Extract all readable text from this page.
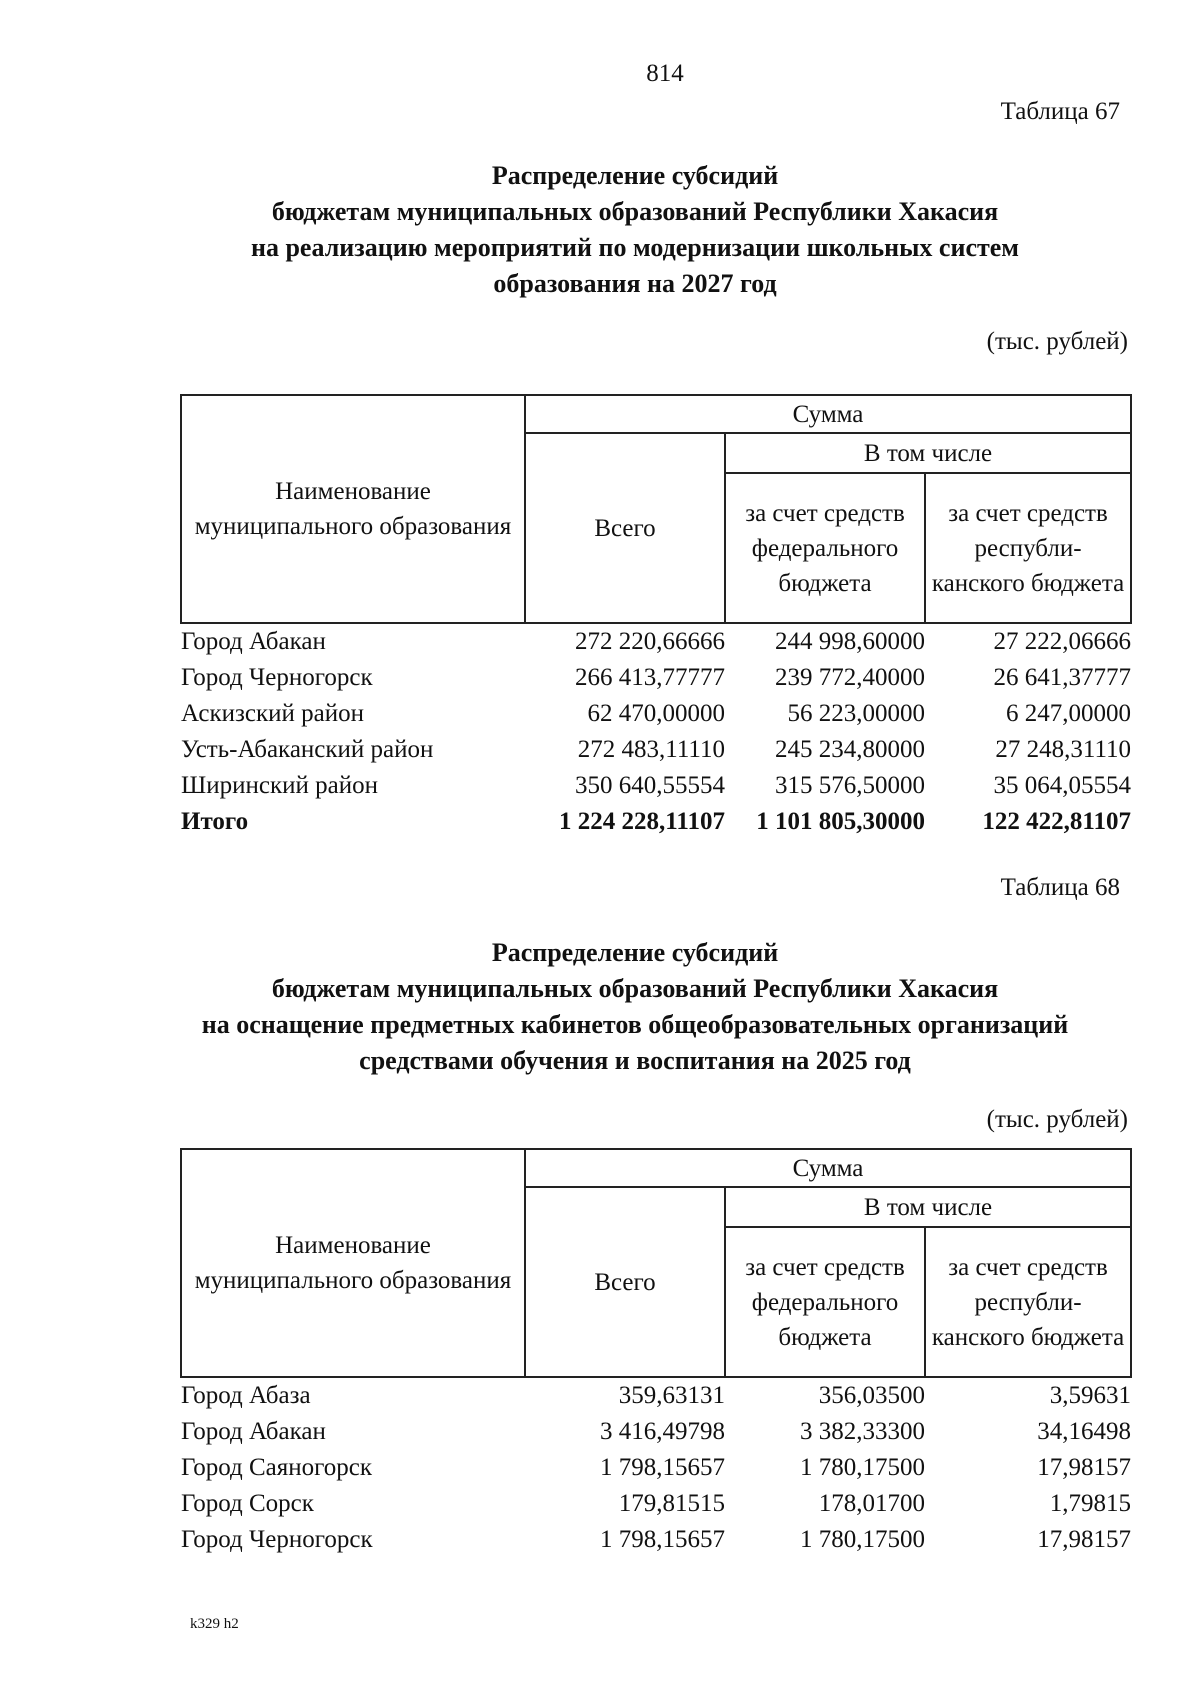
814
Таблица 67
Распределение субсидий
бюджетам муниципальных образований Республики Хакасия
на реализацию мероприятий по модернизации школьных систем
образования на 2027 год
(тыс. рублей)
Наименование муниципального образования	Сумма		
	Всего	В том числе	
		за счет средств федерального бюджета	за счет средств республи-канского бюджета
Город Абакан	272 220,66666	244 998,60000	27 222,06666
Город Черногорск	266 413,77777	239 772,40000	26 641,37777
Аскизский район	62 470,00000	56 223,00000	6 247,00000
Усть-Абаканский район	272 483,11110	245 234,80000	27 248,31110
Ширинский район	350 640,55554	315 576,50000	35 064,05554
Итого	1 224 228,11107	1 101 805,30000	122 422,81107
Таблица 68
Распределение субсидий
бюджетам муниципальных образований Республики Хакасия
на оснащение предметных кабинетов общеобразовательных организаций
средствами обучения и воспитания на 2025 год
(тыс. рублей)
Наименование муниципального образования	Сумма		
	Всего	В том числе	
		за счет средств федерального бюджета	за счет средств республи-канского бюджета
Город Абаза	359,63131	356,03500	3,59631
Город Абакан	3 416,49798	3 382,33300	34,16498
Город Саяногорск	1 798,15657	1 780,17500	17,98157
Город Сорск	179,81515	178,01700	1,79815
Город Черногорск	1 798,15657	1 780,17500	17,98157
k329 h2
